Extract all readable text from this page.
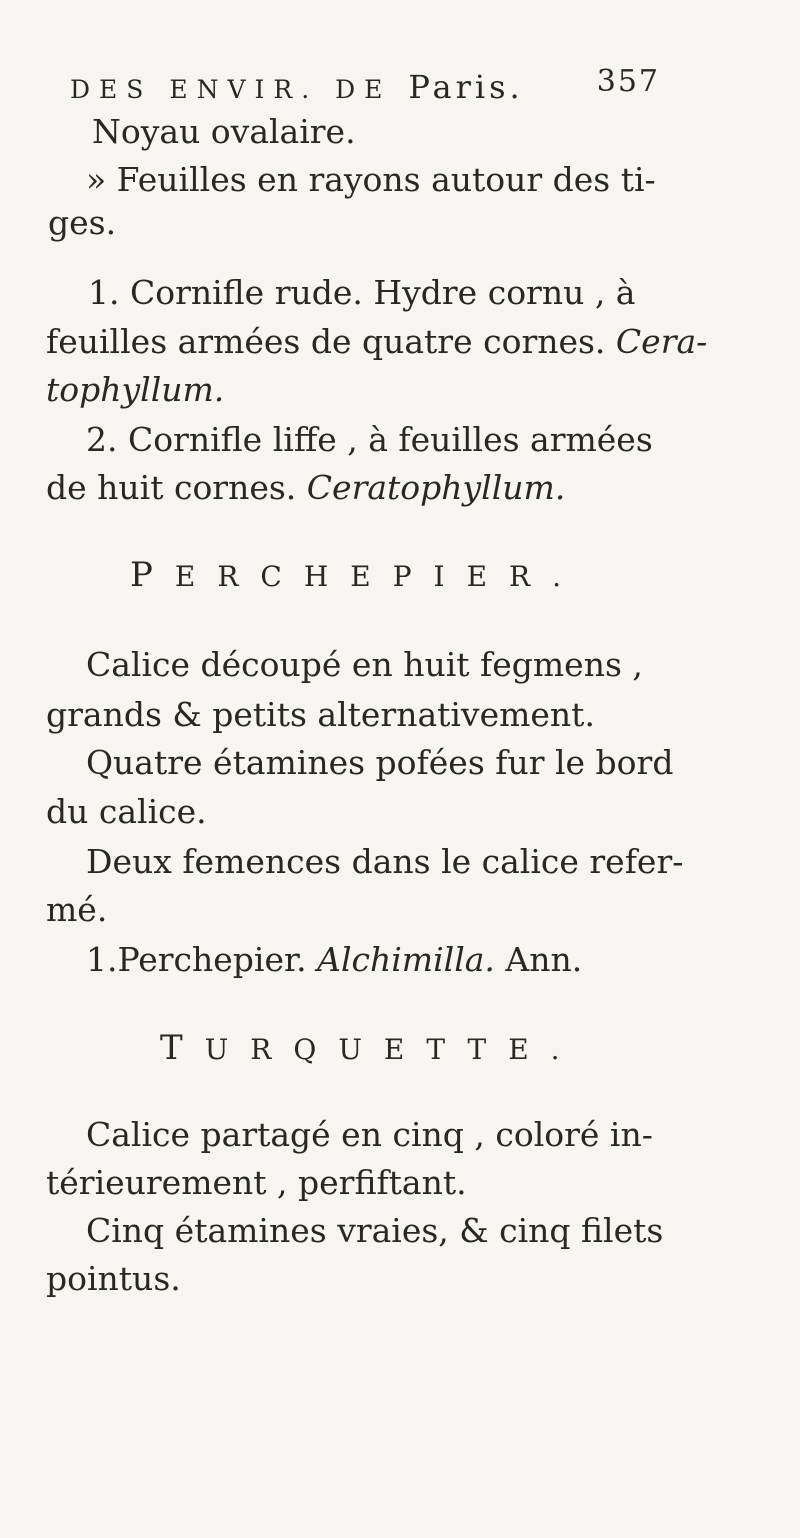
DES ENVIR. DE Paris. 357
Noyau ovalaire.
» Feuilles en rayons autour des ti-
ges.
1. Cornifle rude. Hydre cornu , à
feuilles armées de quatre cornes. Cera-
tophyllum.
2. Cornifle liffe , à feuilles armées
de huit cornes. Ceratophyllum.
PERCHEPIER.
Calice découpé en huit fegmens ,
grands & petits alternativement.
Quatre étamines pofées fur le bord
du calice.
Deux femences dans le calice refer-
mé.
1.Perchepier. Alchimilla. Ann.
TURQUETTE.
Calice partagé en cinq , coloré in-
térieurement , perfiftant.
Cinq étamines vraies, & cinq filets
pointus.
